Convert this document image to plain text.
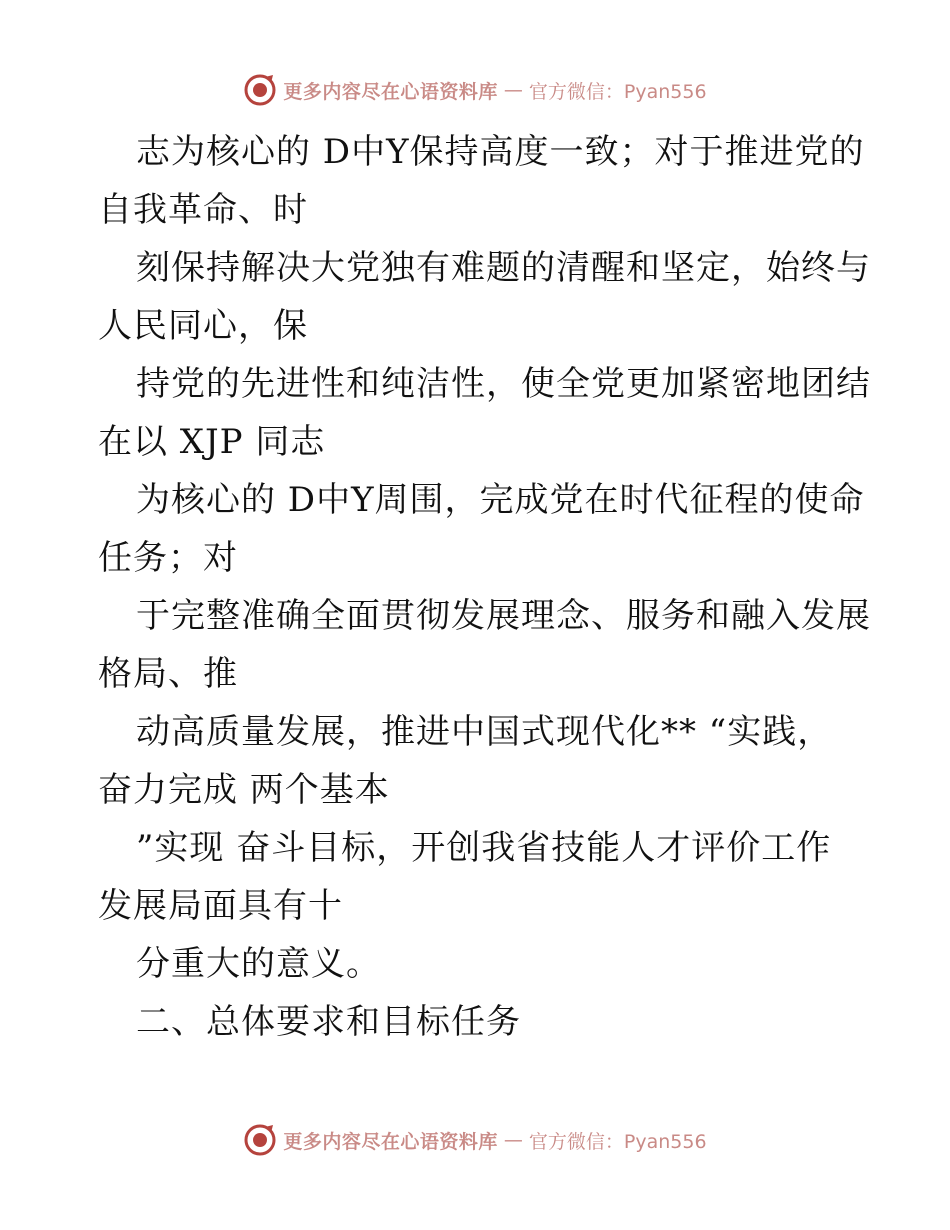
更多内容尽在心语资料库 — 官方微信：Pyan556
志为核心的 D中Y保持高度一致；对于推进党的
自我革命、时
刻保持解决大党独有难题的清醒和坚定，始终与
人民同心，保
持党的先进性和纯洁性，使全党更加紧密地团结
在以 XJP 同志
为核心的 D中Y周围，完成党在时代征程的使命
任务；对
于完整准确全面贯彻发展理念、服务和融入发展
格局、推
动高质量发展，推进中国式现代化** “实践，
奋力完成 两个基本
”实现 奋斗目标，开创我省技能人才评价工作
发展局面具有十
分重大的意义。
二、总体要求和目标任务
更多内容尽在心语资料库 — 官方微信：Pyan556
